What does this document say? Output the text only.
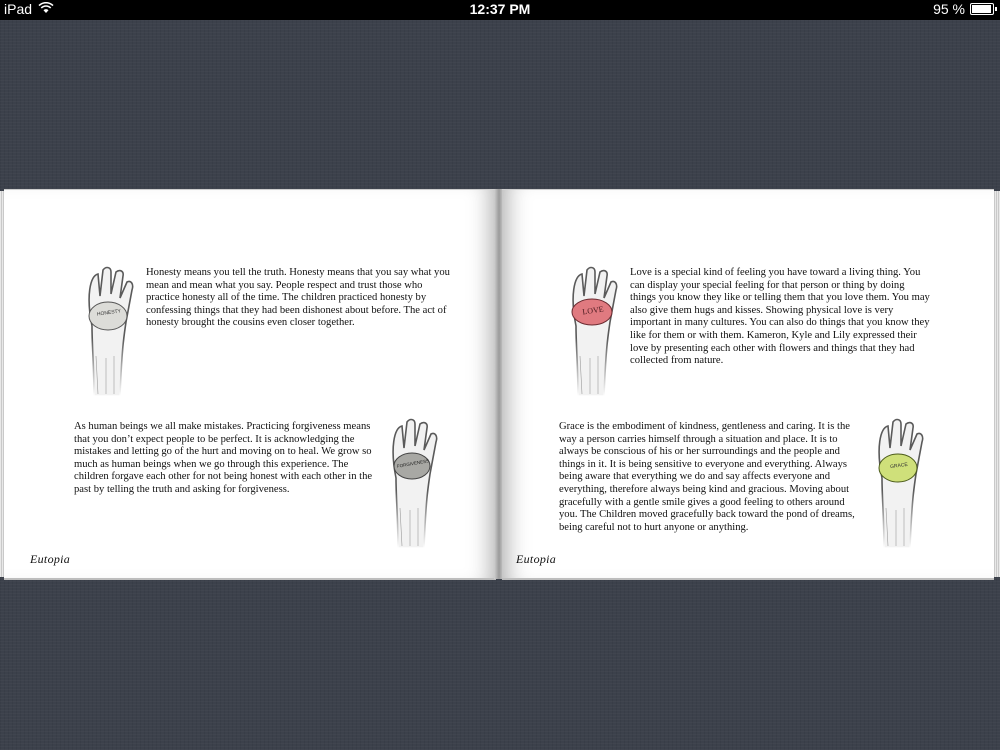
iPad	12:37 PM	95 %
HONESTY

Honesty means you tell the truth. Honesty means that you say what you mean and mean what you say. People respect and trust those who practice honesty all of the time. The children practiced honesty by confessing things that they had been dishonest about before. The act of honesty brought the cousins even closer together.

As human beings we all make mistakes. Practicing forgiveness means that you don’t expect people to be perfect. It is acknowledging the mistakes and letting go of the hurt and moving on to heal. We grow so much as human beings when we go through this experience. The children forgave each other for not being honest with each other in the past by telling the truth and asking for forgiveness.

FORGIVENESS
Eutopia
LOVE

Love is a special kind of feeling you have toward a living thing. You can display your special feeling for that person or thing by doing things you know they like or telling them that you love them. You may also give them hugs and kisses. Showing physical love is very important in many cultures. You can also do things that you know they like for them or with them. Kameron, Kyle and Lily expressed their love by presenting each other with flowers and things that they had collected from nature.

Grace is the embodiment of kindness, gentleness and caring. It is the way a person carries himself through a situation and place. It is to always be conscious of his or her surroundings and the people and things in it. It is being sensitive to everyone and everything. Always being aware that everything we do and say affects everyone and everything, therefore always being kind and gracious. Moving about gracefully with a gentle smile gives a good feeling to others around you. The Children moved gracefully back toward the pond of dreams, being careful not to hurt anyone or anything.

GRACE
Eutopia
